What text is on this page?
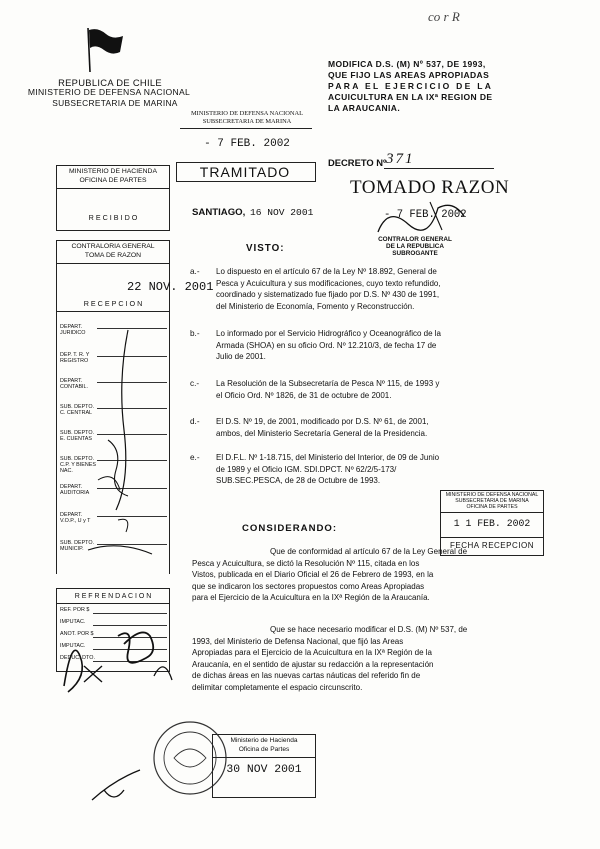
co r R
REPUBLICA DE CHILE
MINISTERIO DE DEFENSA NACIONAL
SUBSECRETARIA DE MARINA
MODIFICA D.S. (M) Nº 537, DE 1993,
QUE FIJO LAS AREAS APROPIADAS
PARA EL EJERCICIO DE LA
ACUICULTURA EN LA IXª REGION DE
LA ARAUCANIA.
MINISTERIO DE DEFENSA NACIONAL
SUBSECRETARIA DE MARINA
- 7 FEB. 2002
TRAMITADO
MINISTERIO DE HACIENDA
OFICINA DE PARTES
R E C I B I D O
DECRETO Nº 371
TOMADO RAZON
- 7 FEB. 2002
CONTRALOR GENERAL
DE LA REPUBLICA
SUBROGANTE
SANTIAGO, 16 NOV 2001
CONTRALORIA GENERAL
TOMA DE RAZON
22 NOV. 2001
R E C E P C I O N
DEPART. JURIDICO
DEP. T. R. Y REGISTRO
DEPART. CONTABIL.
SUB. DEPTO. C. CENTRAL
SUB. DEPTO. E. CUENTAS
SUB. DEPTO. C.P. Y BIENES NAC.
DEPART. AUDITORIA
DEPART. V.O.P., U y T
SUB. DEPTO. MUNICIP.
R E F R E N D A C I O N
REF. POR $
IMPUTAC.
ANOT. POR $
IMPUTAC.
DEDUC. DTO.
VISTO:
a.- Lo dispuesto en el artículo 67 de la Ley Nº 18.892, General de
Pesca y Acuicultura y sus modificaciones, cuyo texto refundido,
coordinado y sistematizado fue fijado por D.S. Nº 430 de 1991,
del Ministerio de Economía, Fomento y Reconstrucción.
b.- Lo informado por el Servicio Hidrográfico y Oceanográfico de la
Armada (SHOA) en su oficio Ord. Nº 12.210/3, de fecha 17 de
Julio de 2001.
c.- La Resolución de la Subsecretaría de Pesca Nº 115, de 1993 y
el Oficio Ord. Nº 1826, de 31 de octubre de 2001.
d.- El D.S. Nº 19, de 2001, modificado por D.S. Nº 61, de 2001,
ambos, del Ministerio Secretaría General de la Presidencia.
e.- El D.F.L. Nº 1-18.715, del Ministerio del Interior, de 09 de Junio
de 1989 y el Oficio IGM. SDI.DPCT. Nº 62/2/5-173/
SUB.SEC.PESCA, de 28 de Octubre de 1993.
MINISTERIO DE DEFENSA NACIONAL
SUBSECRETARIA DE MARINA
OFICINA DE PARTES
1 1 FEB. 2002
FECHA RECEPCION
CONSIDERANDO:
Que de conformidad al artículo 67 de la Ley General de
Pesca y Acuicultura, se dictó la Resolución Nº 115, citada en los
Vistos, publicada en el Diario Oficial el 26 de Febrero de 1993, en la
que se indicaron los sectores propuestos como Areas Apropiadas
para el Ejercicio de la Acuicultura en la IXª Región de la Araucanía.
Que se hace necesario modificar el D.S. (M) Nº 537, de
1993, del Ministerio de Defensa Nacional, que fijó las Areas
Apropiadas para el Ejercicio de la Acuicultura en la IXª Región de la
Araucanía, en el sentido de ajustar su redacción a la representación
de dichas áreas en las nuevas cartas náuticas del referido fin de
delimitar completamente el espacio circunscrito.
Ministerio de Hacienda
Oficina de Partes
30 NOV 2001
